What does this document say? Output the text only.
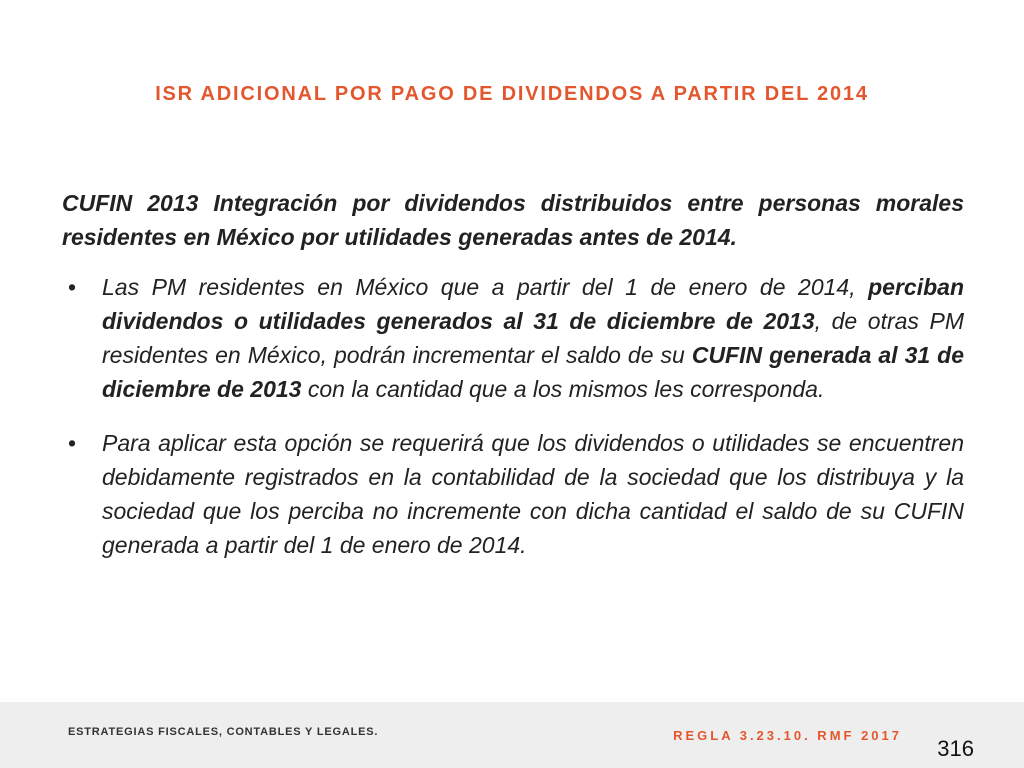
ISR ADICIONAL POR PAGO DE DIVIDENDOS A PARTIR DEL 2014

CUFIN 2013 Integración por dividendos distribuidos entre personas morales residentes en México por utilidades generadas antes de 2014.

• Las PM residentes en México que a partir del 1 de enero de 2014, perciban dividendos o utilidades generados al 31 de diciembre de 2013, de otras PM residentes en México, podrán incrementar el saldo de su CUFIN generada al 31 de diciembre de 2013 con la cantidad que a los mismos les corresponda.
• Para aplicar esta opción se requerirá que los dividendos o utilidades se encuentren debidamente registrados en la contabilidad de la sociedad que los distribuya y la sociedad que los perciba no incremente con dicha cantidad el saldo de su CUFIN generada a partir del 1 de enero de 2014.
ESTRATEGIAS FISCALES, CONTABLES Y LEGALES.	REGLA 3.23.10. RMF 2017
316
